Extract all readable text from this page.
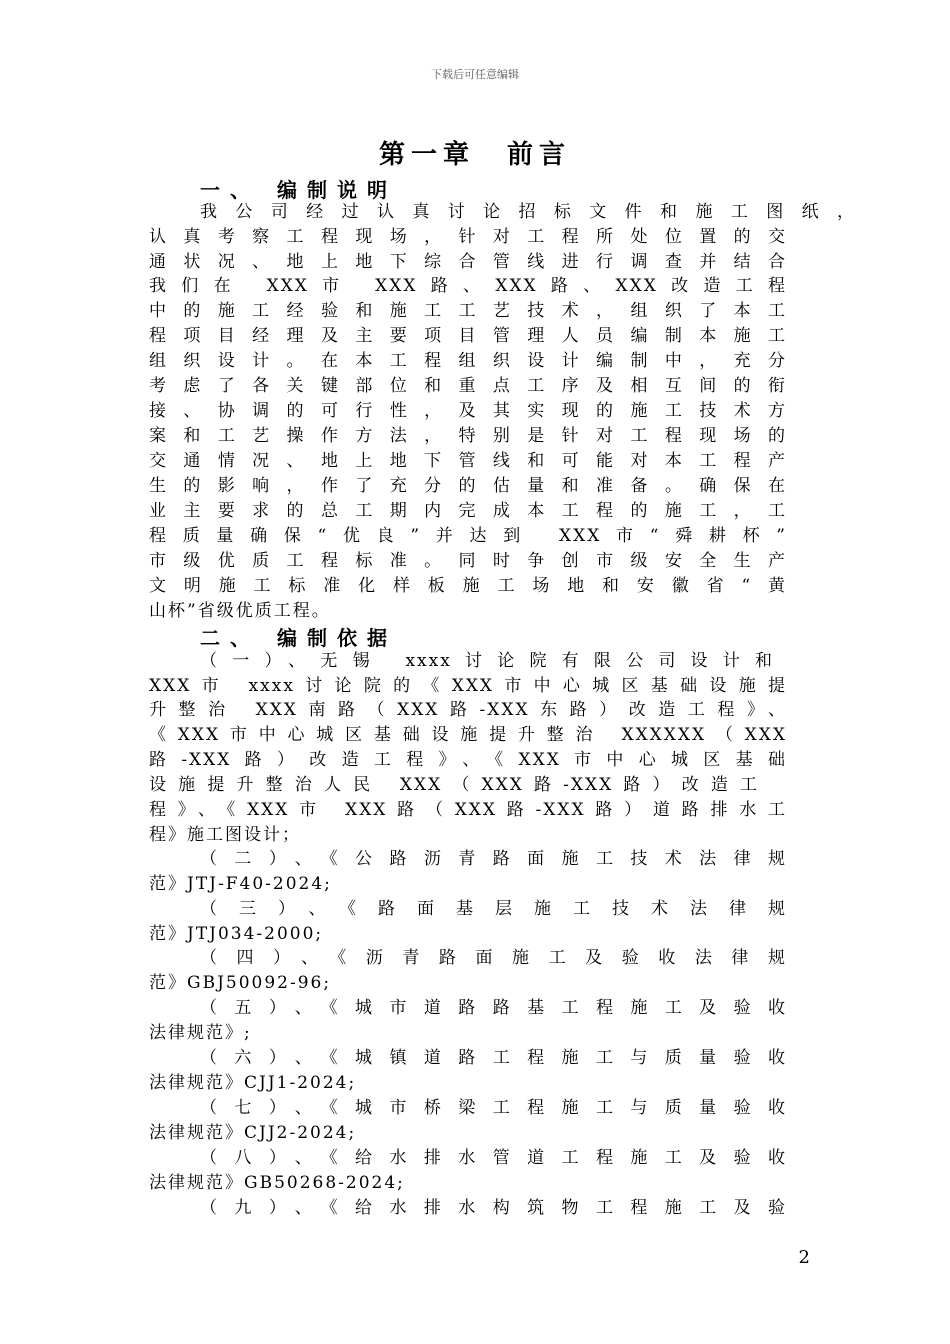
下载后可任意编辑
第一章　前言
一、 编制说明
我公司经过认真讨论招标文件和施工图纸，
认真考察工程现场，针对工程所处位置的交
通状况、地上地下综合管线进行调查并结合
我们在 XXX市 XXX路、XXX路、XXX改造工程
中的施工经验和施工工艺技术，组织了本工
程项目经理及主要项目管理人员编制本施工
组织设计。在本工程组织设计编制中，充分
考虑了各关键部位和重点工序及相互间的衔
接、协调的可行性，及其实现的施工技术方
案和工艺操作方法，特别是针对工程现场的
交通情况、地上地下管线和可能对本工程产
生的影响，作了充分的估量和准备。确保在
业主要求的总工期内完成本工程的施工，工
程质量确保“优良”并达到 XXX市“舜耕杯”
市级优质工程标准。同时争创市级安全生产
文明施工标准化样板施工场地和安徽省“黄
山杯”省级优质工程。
二、 编制依据
（一）、无锡 xxxx讨论院有限公司设计和
XXX市 xxxx讨论院的《XXX市中心城区基础设施提
升整治 XXX南路（XXX路-XXX东路）改造工程》、
《XXX市中心城区基础设施提升整治 XXXXXX（XXX
路-XXX路）改造工程》、《XXX市中心城区基础
设施提升整治人民 XXX（XXX路-XXX路）改造工
程》、《XXX市 XXX路（XXX路-XXX路）道路排水工
程》施工图设计；
（二）、《公路沥青路面施工技术法律规
范》JTJ-F40-2024;
（三）、《路面基层施工技术法律规
范》JTJ034-2000;
（四）、《沥青路面施工及验收法律规
范》GBJ50092-96;
（五）、《城市道路路基工程施工及验收
法律规范》;
（六）、《城镇道路工程施工与质量验收
法律规范》CJJ1-2024;
（七）、《城市桥梁工程施工与质量验收
法律规范》CJJ2-2024;
（八）、《给水排水管道工程施工及验收
法律规范》GB50268-2024;
（九）、《给水排水构筑物工程施工及验
2
